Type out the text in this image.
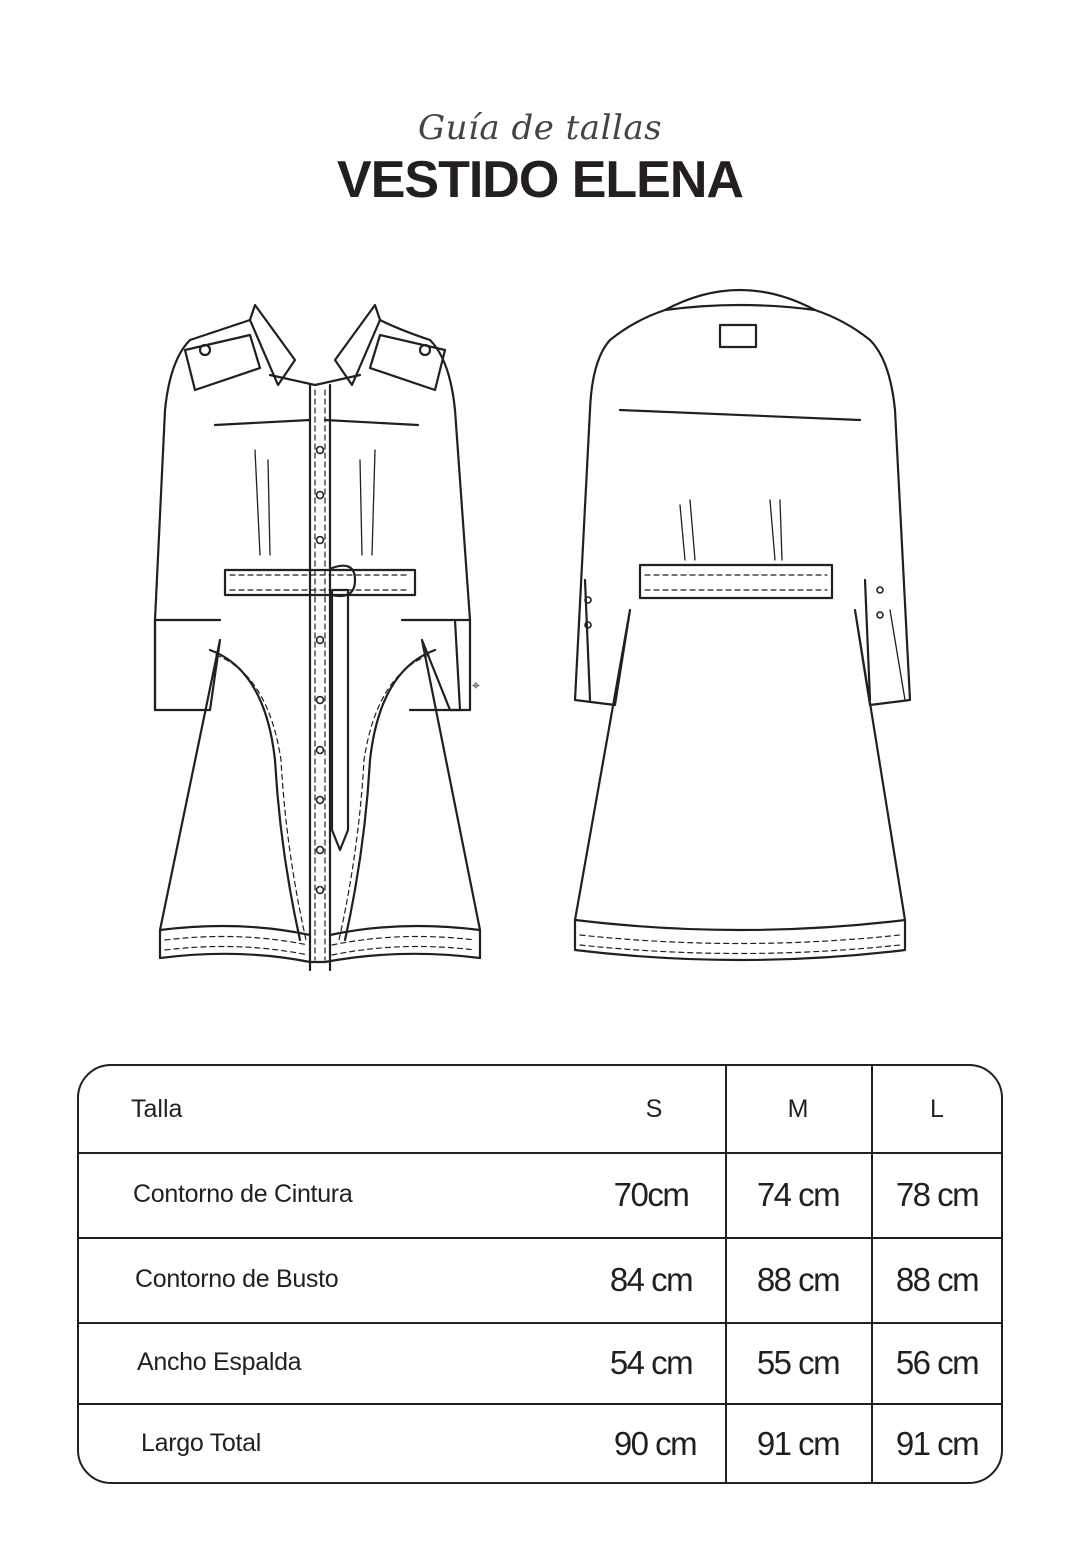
Guía de tallas
VESTIDO ELENA
⌖
Talla	S	M	L
Contorno de Cintura	70cm	74 cm	78 cm
Contorno de Busto	84 cm	88 cm	88 cm
Ancho Espalda	54 cm	55 cm	56 cm
Largo Total	90 cm	91 cm	91 cm
